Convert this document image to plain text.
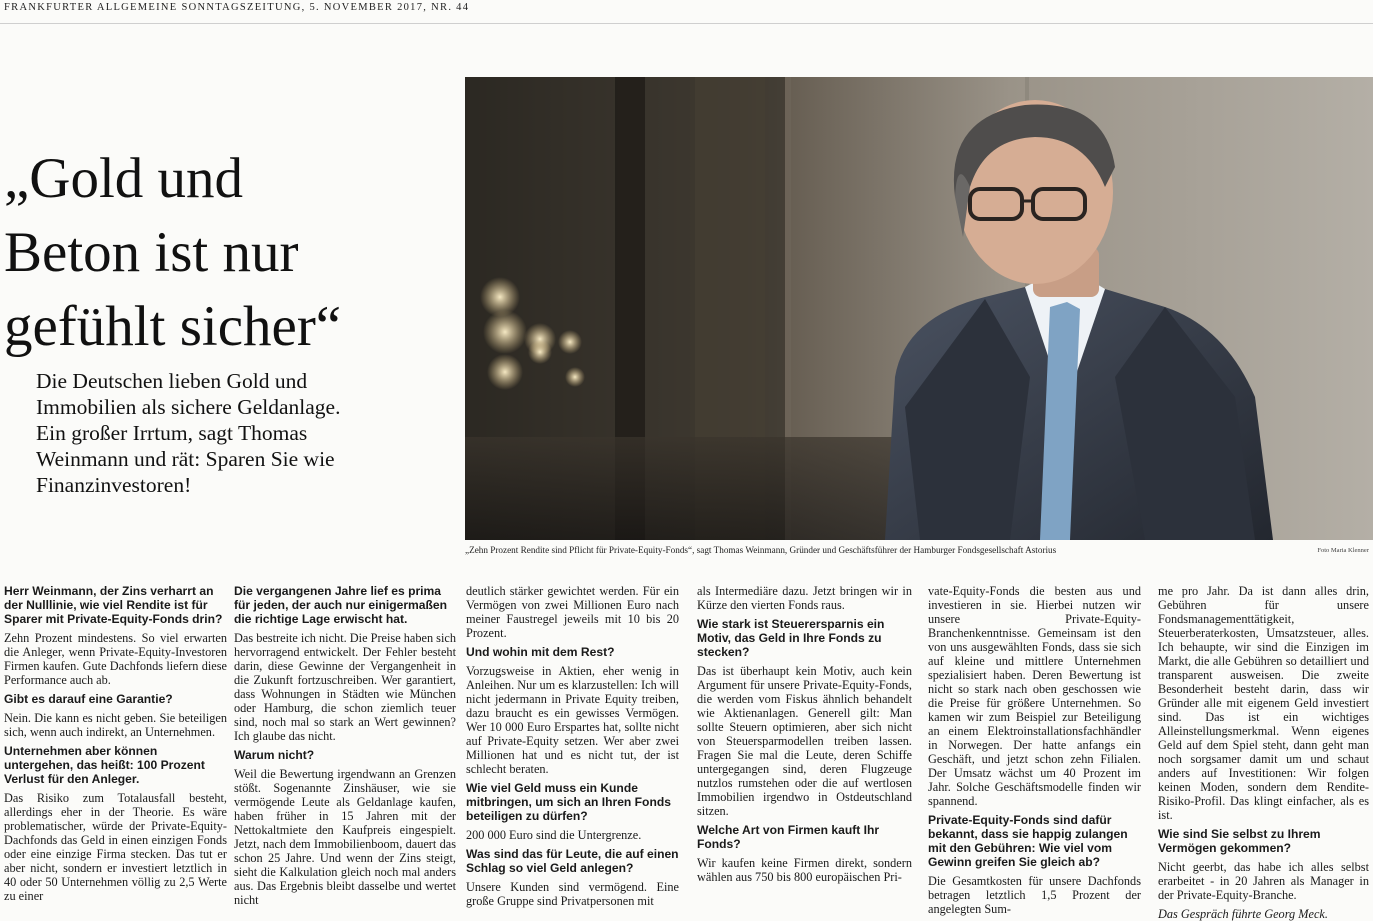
FRANKFURTER ALLGEMEINE SONNTAGSZEITUNG, 5. NOVEMBER 2017, NR. 44
„Gold und
Beton ist nur
gefühlt sicher“
Die Deutschen lieben Gold und
Immobilien als sichere Geldanlage.
Ein großer Irrtum, sagt Thomas
Weinmann und rät: Sparen Sie wie
Finanzinvestoren!
„Zehn Prozent Rendite sind Pflicht für Private-Equity-Fonds“, sagt Thomas Weinmann, Gründer und Geschäftsführer der Hamburger Fondsgesellschaft Astorius	Foto Maria Klenner

Herr Weinmann, der Zins verharrt an der Nulllinie, wie viel Rendite ist für Sparer mit Private-Equity-Fonds drin?

Zehn Prozent mindestens. So viel erwarten die Anleger, wenn Private-Equity-Investoren Firmen kaufen. Gute Dachfonds liefern diese Performance auch ab.

Gibt es darauf eine Garantie?

Nein. Die kann es nicht geben. Sie beteiligen sich, wenn auch indirekt, an Unternehmen.

Unternehmen aber können untergehen, das heißt: 100 Prozent Verlust für den Anleger.

Das Risiko zum Totalausfall besteht, allerdings eher in der Theorie. Es wäre problematischer, würde der Private-Equity-Dachfonds das Geld in einen einzigen Fonds oder eine einzige Firma stecken. Das tut er aber nicht, sondern er investiert letztlich in 40 oder 50 Unternehmen völlig zu 2,5 Werte zu einer

Die vergangenen Jahre lief es prima für jeden, der auch nur einigermaßen die richtige Lage erwischt hat.

Das bestreite ich nicht. Die Preise haben sich hervorragend entwickelt. Der Fehler besteht darin, diese Gewinne der Vergangenheit in die Zukunft fortzuschreiben. Wer garantiert, dass Wohnungen in Städten wie München oder Hamburg, die schon ziemlich teuer sind, noch mal so stark an Wert gewinnen? Ich glaube das nicht.

Warum nicht?

Weil die Bewertung irgendwann an Grenzen stößt. Sogenannte Zinshäuser, wie sie vermögende Leute als Geldanlage kaufen, haben früher in 15 Jahren mit der Nettokaltmiete den Kaufpreis eingespielt. Jetzt, nach dem Immobilienboom, dauert das schon 25 Jahre. Und wenn der Zins steigt, sieht die Kalkulation gleich noch mal anders aus. Das Ergebnis bleibt dasselbe und wertet nicht

deutlich stärker gewichtet werden. Für ein Vermögen von zwei Millionen Euro nach meiner Faustregel jeweils mit 10 bis 20 Prozent.

Und wohin mit dem Rest?

Vorzugsweise in Aktien, eher wenig in Anleihen. Nur um es klarzustellen: Ich will nicht jedermann in Private Equity treiben, dazu braucht es ein gewisses Vermögen. Wer 10 000 Euro Erspartes hat, sollte nicht auf Private-Equity setzen. Wer aber zwei Millionen hat und es nicht tut, der ist schlecht beraten.

Wie viel Geld muss ein Kunde mitbringen, um sich an Ihren Fonds beteiligen zu dürfen?

200 000 Euro sind die Untergrenze.

Was sind das für Leute, die auf einen Schlag so viel Geld anlegen?

Unsere Kunden sind vermögend. Eine große Gruppe sind Privatpersonen mit

als Intermediäre dazu. Jetzt bringen wir in Kürze den vierten Fonds raus.

Wie stark ist Steuerersparnis ein Motiv, das Geld in Ihre Fonds zu stecken?

Das ist überhaupt kein Motiv, auch kein Argument für unsere Private-Equity-Fonds, die werden vom Fiskus ähnlich behandelt wie Aktienanlagen. Generell gilt: Man sollte Steuern optimieren, aber sich nicht von Steuersparmodellen treiben lassen. Fragen Sie mal die Leute, deren Schiffe untergegangen sind, deren Flugzeuge nutzlos rumstehen oder die auf wertlosen Immobilien irgendwo in Ostdeutschland sitzen.

Welche Art von Firmen kauft Ihr Fonds?

Wir kaufen keine Firmen direkt, sondern wählen aus 750 bis 800 europäischen Pri-

vate-Equity-Fonds die besten aus und investieren in sie. Hierbei nutzen wir unsere Private-Equity-Branchenkenntnisse. Gemeinsam ist den von uns ausgewählten Fonds, dass sie sich auf kleine und mittlere Unternehmen spezialisiert haben. Deren Bewertung ist nicht so stark nach oben geschossen wie die Preise für größere Unternehmen. So kamen wir zum Beispiel zur Beteiligung an einem Elektroinstallationsfachhändler in Norwegen. Der hatte anfangs ein Geschäft, und jetzt schon zehn Filialen. Der Umsatz wächst um 40 Prozent im Jahr. Solche Geschäftsmodelle finden wir spannend.

Private-Equity-Fonds sind dafür bekannt, dass sie happig zulangen mit den Gebühren: Wie viel vom Gewinn greifen Sie gleich ab?

Die Gesamtkosten für unsere Dachfonds betragen letztlich 1,5 Prozent der angelegten Sum-

me pro Jahr. Da ist dann alles drin, Gebühren für unsere Fondsmanagementtätigkeit, Steuerberaterkosten, Umsatzsteuer, alles. Ich behaupte, wir sind die Einzigen im Markt, die alle Gebühren so detailliert und transparent ausweisen. Die zweite Besonderheit besteht darin, dass wir Gründer alle mit eigenem Geld investiert sind. Das ist ein wichtiges Alleinstellungsmerkmal. Wenn eigenes Geld auf dem Spiel steht, dann geht man noch sorgsamer damit um und schaut anders auf Investitionen: Wir folgen keinen Moden, sondern dem Rendite-Risiko-Profil. Das klingt einfacher, als es ist.

Wie sind Sie selbst zu Ihrem Vermögen gekommen?

Nicht geerbt, das habe ich alles selbst erarbeitet - in 20 Jahren als Manager in der Private-Equity-Branche.

Das Gespräch führte Georg Meck.
